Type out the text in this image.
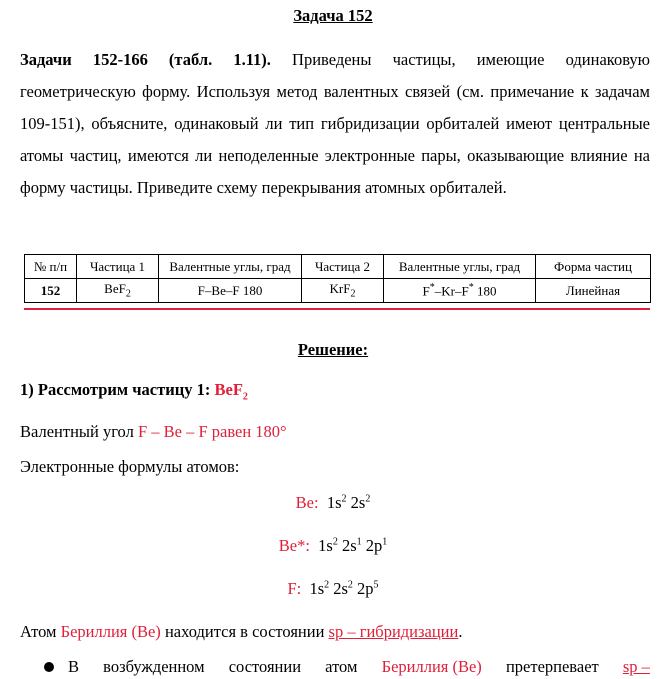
Задача 152
Задачи 152-166 (табл. 1.11). Приведены частицы, имеющие одинаковую геометрическую форму. Используя метод валентных связей (см. примечание к задачам 109-151), объясните, одинаковый ли тип гибридизации орбиталей имеют центральные атомы частиц, имеются ли неподеленные электронные пары, оказывающие влияние на форму частицы. Приведите схему перекрывания атомных орбиталей.
№ п/п	Частица 1	Валентные углы, град	Частица 2	Валентные углы, град	Форма частиц
152	BeF$_2$	F–Be–F 180	KrF$_2$	F*–Kr–F* 180	Линейная
Решение:
1) Рассмотрим частицу 1: BeF$_2$
Валентный угол F – Be – F равен 180°
Электронные формулы атомов:
Be: $1s^2$ $2s^2$
Be*: $1s^2$ $2s^1$ $2p^1$
F: $1s^2$ $2s^2$ $2p^5$
Атом Бериллия (Be) находится в состоянии sp – гибридизации.
В возбужденном состоянии атом Бериллия (Be) претерпевает sp –
